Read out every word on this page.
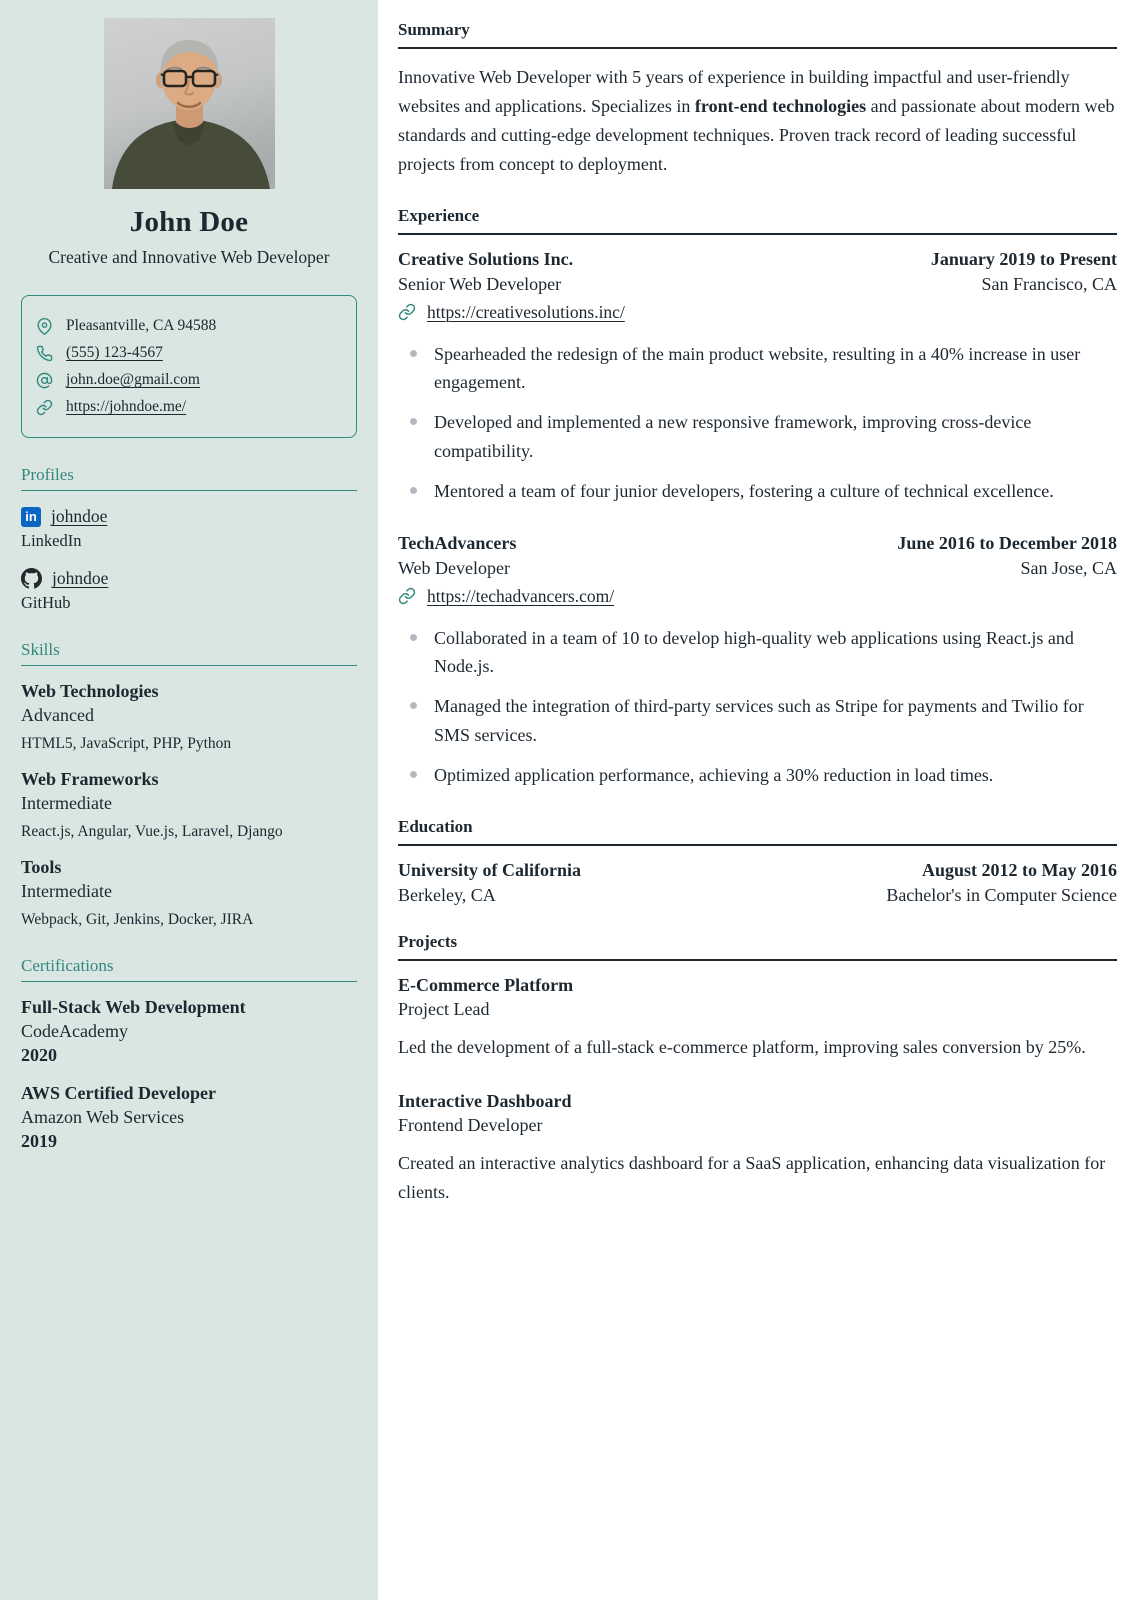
John Doe
Creative and Innovative Web Developer
Pleasantville, CA 94588
(555) 123-4567
john.doe@gmail.com
https://johndoe.me/
Profiles
in johndoe
LinkedIn
johndoe
GitHub
Skills
Web Technologies
Advanced
HTML5, JavaScript, PHP, Python
Web Frameworks
Intermediate
React.js, Angular, Vue.js, Laravel, Django
Tools
Intermediate
Webpack, Git, Jenkins, Docker, JIRA
Certifications
Full-Stack Web Development
CodeAcademy
2020
AWS Certified Developer
Amazon Web Services
2019
Summary

Innovative Web Developer with 5 years of experience in building impactful and user-friendly websites and applications. Specializes in front-end technologies and passionate about modern web standards and cutting-edge development techniques. Proven track record of leading successful projects from concept to deployment.

Experience
Creative Solutions Inc.	January 2019 to Present
Senior Web Developer	San Francisco, CA
https://creativesolutions.inc/
Spearheaded the redesign of the main product website, resulting in a 40% increase in user engagement.
Developed and implemented a new responsive framework, improving cross-device compatibility.
Mentored a team of four junior developers, fostering a culture of technical excellence.
TechAdvancers	June 2016 to December 2018
Web Developer	San Jose, CA
https://techadvancers.com/
Collaborated in a team of 10 to develop high-quality web applications using React.js and Node.js.
Managed the integration of third-party services such as Stripe for payments and Twilio for SMS services.
Optimized application performance, achieving a 30% reduction in load times.
Education
University of California	August 2012 to May 2016
Berkeley, CA	Bachelor's in Computer Science
Projects
E-Commerce Platform
Project Lead

Led the development of a full-stack e-commerce platform, improving sales conversion by 25%.

Interactive Dashboard
Frontend Developer

Created an interactive analytics dashboard for a SaaS application, enhancing data visualization for clients.
